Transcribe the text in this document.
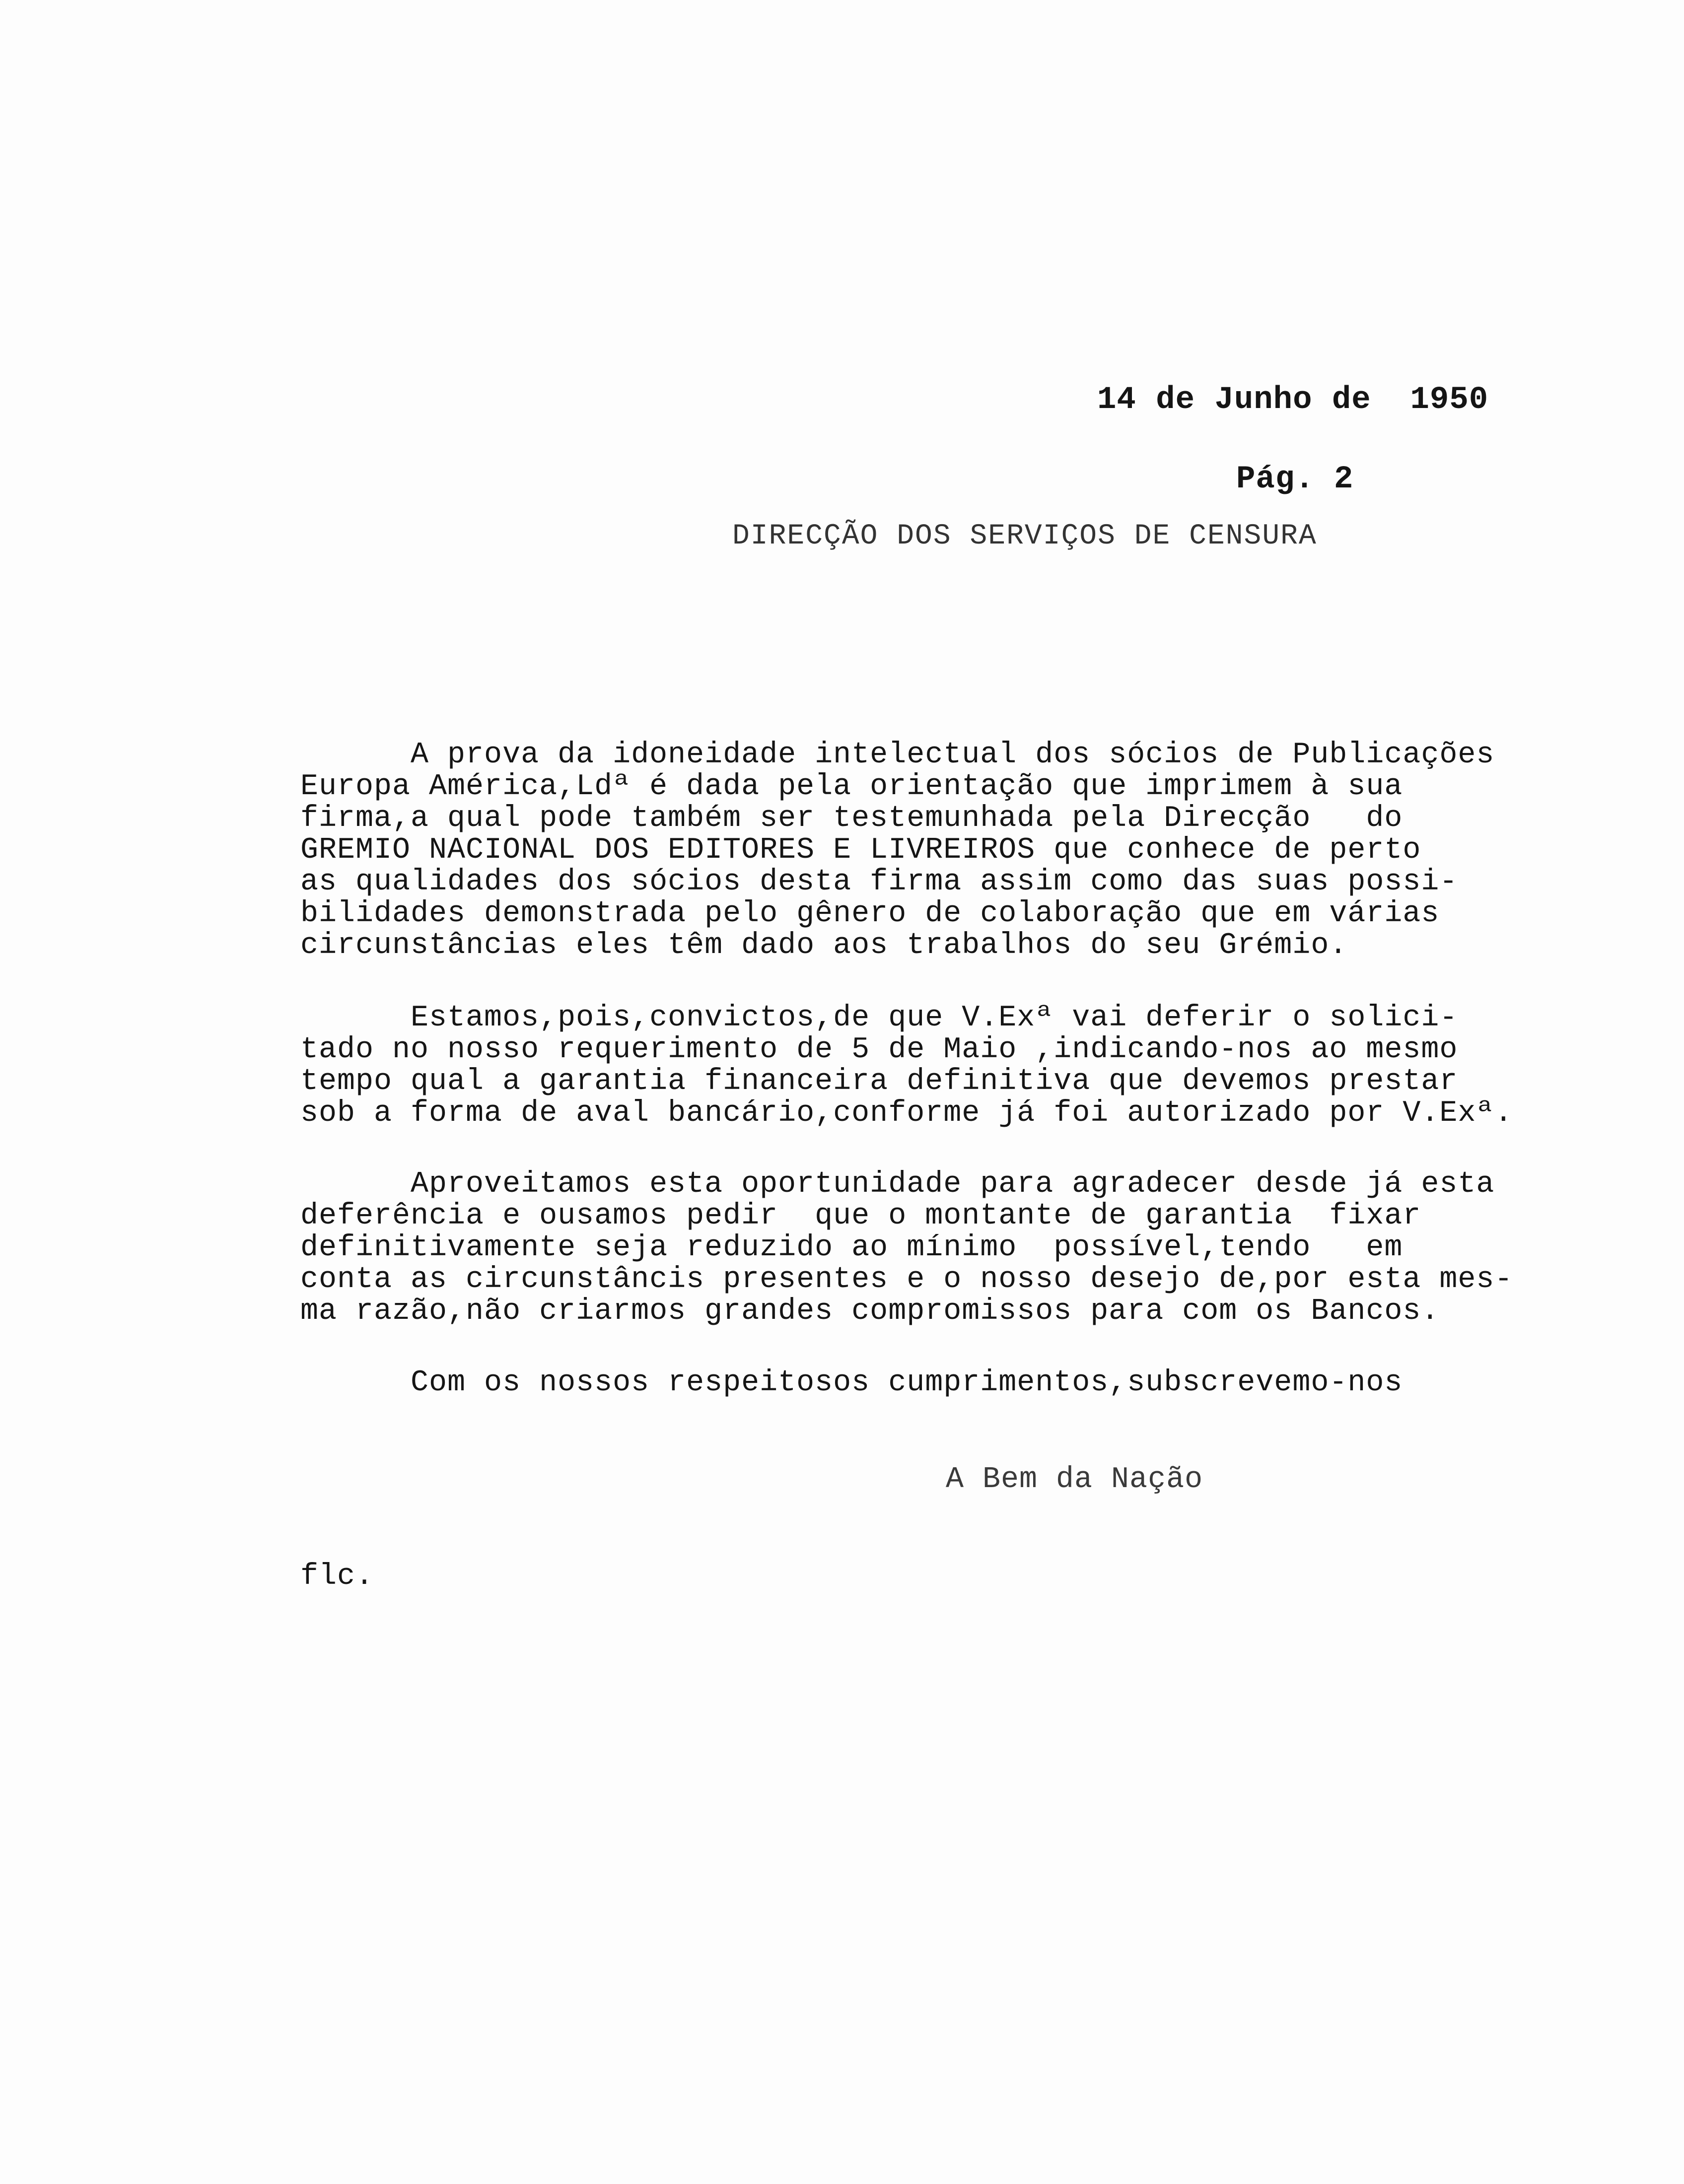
14 de Junho de  1950
Pág. 2
DIRECÇÃO DOS SERVIÇOS DE CENSURA
A prova da idoneidade intelectual dos sócios de Publicações
Europa América,Ldª é dada pela orientação que imprimem à sua
firma,a qual pode também ser testemunhada pela Direcção   do
GREMIO NACIONAL DOS EDITORES E LIVREIROS que conhece de perto
as qualidades dos sócios desta firma assim como das suas possi-
bilidades demonstrada pelo gênero de colaboração que em várias
circunstâncias eles têm dado aos trabalhos do seu Grémio.
Estamos,pois,convictos,de que V.Exª vai deferir o solici-
tado no nosso requerimento de 5 de Maio ,indicando-nos ao mesmo
tempo qual a garantia financeira definitiva que devemos prestar
sob a forma de aval bancário,conforme já foi autorizado por V.Exª.
Aproveitamos esta oportunidade para agradecer desde já esta
deferência e ousamos pedir  que o montante de garantia  fixar
definitivamente seja reduzido ao mínimo  possível,tendo   em
conta as circunstâncis presentes e o nosso desejo de,por esta mes-
ma razão,não criarmos grandes compromissos para com os Bancos.
Com os nossos respeitosos cumprimentos,subscrevemo-nos
A Bem da Nação
flc.
